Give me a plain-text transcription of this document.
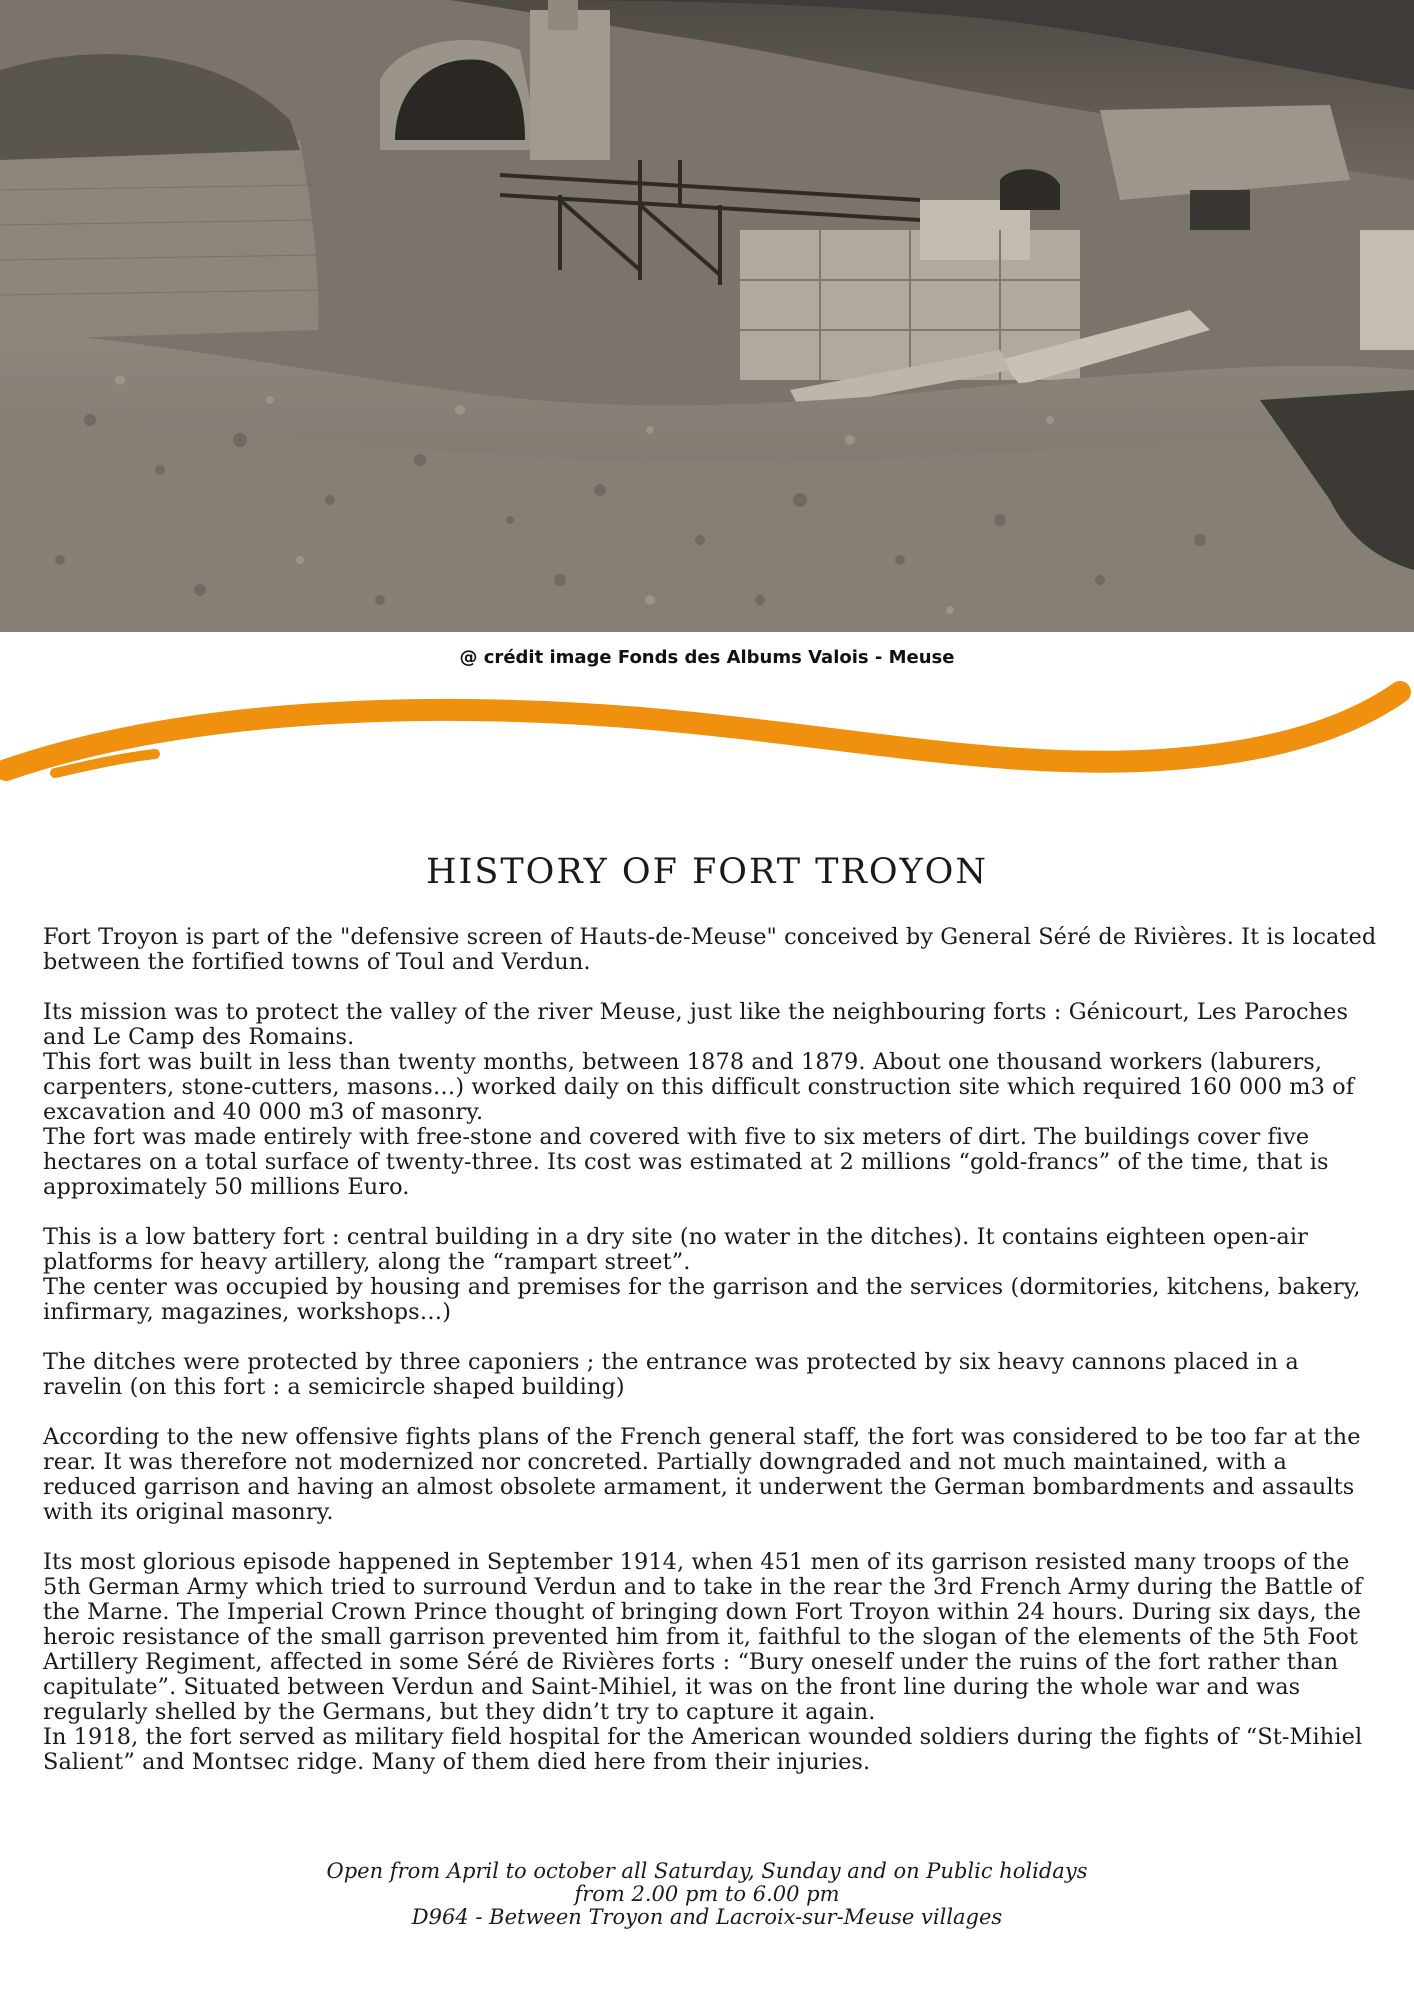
@ crédit image Fonds des Albums Valois - Meuse
HISTORY OF FORT TROYON

Fort Troyon is part of the "defensive screen of Hauts-de-Meuse" conceived by General Séré de Rivières. It is located between the fortified towns of Toul and Verdun.

Its mission was to protect the valley of the river Meuse, just like the neighbouring forts : Génicourt, Les Paroches and Le Camp des Romains.
This fort was built in less than twenty months, between 1878 and 1879. About one thousand workers (laburers, carpenters, stone-cutters, masons…) worked daily on this difficult construction site which required 160 000 m3 of excavation and 40 000 m3 of masonry.
The fort was made entirely with free-stone and covered with five to six meters of dirt. The buildings cover five hectares on a total surface of twenty-three. Its cost was estimated at 2 millions “gold-francs” of the time, that is approximately 50 millions Euro.

This is a low battery fort : central building in a dry site (no water in the ditches). It contains eighteen open-air platforms for heavy artillery, along the “rampart street”.
The center was occupied by housing and premises for the garrison and the services (dormitories, kitchens, bakery, infirmary, magazines, workshops…)

The ditches were protected by three caponiers ; the entrance was protected by six heavy cannons placed in a ravelin (on this fort : a semicircle shaped building)

According to the new offensive fights plans of the French general staff, the fort was considered to be too far at the rear. It was therefore not modernized nor concreted. Partially downgraded and not much maintained, with a reduced garrison and having an almost obsolete armament, it underwent the German bombardments and assaults with its original masonry.

Its most glorious episode happened in September 1914, when 451 men of its garrison resisted many troops of the 5th German Army which tried to surround Verdun and to take in the rear the 3rd French Army during the Battle of the Marne. The Imperial Crown Prince thought of bringing down Fort Troyon within 24 hours. During six days, the heroic resistance of the small garrison prevented him from it, faithful to the slogan of the elements of the 5th Foot Artillery Regiment, affected in some Séré de Rivières forts : “Bury oneself under the ruins of the fort rather than capitulate”. Situated between Verdun and Saint-Mihiel, it was on the front line during the whole war and was regularly shelled by the Germans, but they didn’t try to capture it again.
In 1918, the fort served as military field hospital for the American wounded soldiers during the fights of “St-Mihiel Salient” and Montsec ridge. Many of them died here from their injuries.

Open from April to october all Saturday, Sunday and on Public holidays
from 2.00 pm to 6.00 pm
D964 - Between Troyon and Lacroix-sur-Meuse villages
